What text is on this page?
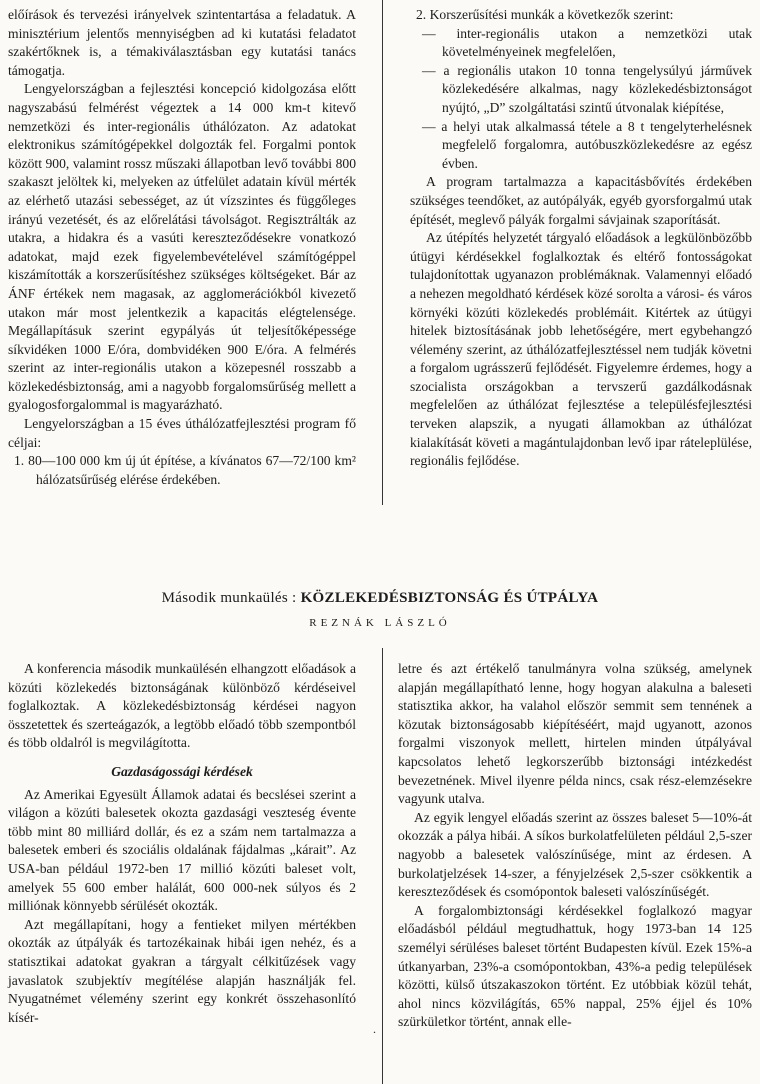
előírások és tervezési irányelvek szintentartása a feladatuk. A minisztérium jelentős mennyiségben ad ki kutatási feladatot szakértőknek is, a témakiválasztásban egy kutatási tanács támogatja.

Lengyelországban a fejlesztési koncepció kidolgozása előtt nagyszabású felmérést végeztek a 14 000 km-t kitevő nemzetközi és inter-regionális úthálózaton. Az adatokat elektronikus számítógépekkel dolgozták fel. Forgalmi pontok között 900, valamint rossz műszaki állapotban levő további 800 szakaszt jelöltek ki, melyeken az útfelület adatain kívül mérték az elérhető utazási sebességet, az út vízszintes és függőleges irányú vezetését, és az előrelátási távolságot. Regisztrálták az utakra, a hidakra és a vasúti kereszteződésekre vonatkozó adatokat, majd ezek figyelembevételével számítógéppel kiszámították a korszerűsítéshez szükséges költségeket. Bár az ÁNF értékek nem magasak, az agglomerációkból kivezető utakon már most jelentkezik a kapacitás elégtelensége. Megállapításuk szerint egypályás út teljesítőképessége síkvidéken 1000 E/óra, dombvidéken 900 E/óra. A felmérés szerint az inter-regionális utakon a közepesnél rosszabb a közlekedésbiztonság, ami a nagyobb forgalomsűrűség mellett a gyalogosforgalommal is magyarázható.

Lengyelországban a 15 éves úthálózatfejlesztési program fő céljai:

1. 80—100 000 km új út építése, a kívánatos 67—72/100 km² hálózatsűrűség elérése érdekében.

2. Korszerűsítési munkák a következők szerint:

— inter-regionális utakon a nemzetközi utak követelményeinek megfelelően,

— a regionális utakon 10 tonna tengelysúlyú járművek közlekedésére alkalmas, nagy közlekedésbiztonságot nyújtó, „D” szolgáltatási szintű útvonalak kiépítése,

— a helyi utak alkalmassá tétele a 8 t tengelyterhelésnek megfelelő forgalomra, autóbuszközlekedésre az egész évben.

A program tartalmazza a kapacitásbővítés érdekében szükséges teendőket, az autópályák, egyéb gyorsforgalmú utak építését, meglevő pályák forgalmi sávjainak szaporítását.

Az útépítés helyzetét tárgyaló előadások a legkülönbözőbb útügyi kérdésekkel foglalkoztak és eltérő fontosságokat tulajdonítottak ugyanazon problémáknak. Valamennyi előadó a nehezen megoldható kérdések közé sorolta a városi- és város környéki közúti közlekedés problémáit. Kitértek az útügyi hitelek biztosításának jobb lehetőségére, mert egybehangzó vélemény szerint, az úthálózatfejlesztéssel nem tudják követni a forgalom ugrásszerű fejlődését. Figyelemre érdemes, hogy a szocialista országokban a tervszerű gazdálkodásnak megfelelően az úthálózat fejlesztése a településfejlesztési terveken alapszik, a nyugati államokban az úthálózat kialakítását követi a magántulajdonban levő ipar ráteleplülése, regionális fejlődése.

Második munkaülés : KÖZLEKEDÉSBIZTONSÁG ÉS ÚTPÁLYA
REZNÁK LÁSZLÓ

A konferencia második munkaülésén elhangzott előadások a közúti közlekedés biztonságának különböző kérdéseivel foglalkoztak. A közlekedésbiztonság kérdései nagyon összetettek és szerteágazók, a legtöbb előadó több szempontból és több oldalról is megvilágította.

Gazdaságossági kérdések

Az Amerikai Egyesült Államok adatai és becslései szerint a világon a közúti balesetek okozta gazdasági veszteség évente több mint 80 milliárd dollár, és ez a szám nem tartalmazza a balesetek emberi és szociális oldalának fájdalmas „kárait”. Az USA-ban például 1972-ben 17 millió közúti baleset volt, amelyek 55 600 ember halálát, 600 000-nek súlyos és 2 milliónak könnyebb sérülését okozták.

Azt megállapítani, hogy a fentieket milyen mértékben okozták az útpályák és tartozékainak hibái igen nehéz, és a statisztikai adatokat gyakran a tárgyalt célkitűzések vagy javaslatok szubjektív megítélése alapján használják fel. Nyugatnémet vélemény szerint egy konkrét összehasonlító kísér-

letre és azt értékelő tanulmányra volna szükség, amelynek alapján megállapítható lenne, hogy hogyan alakulna a baleseti statisztika akkor, ha valahol először semmit sem tennének a közutak biztonságosabb kiépítéséért, majd ugyanott, azonos forgalmi viszonyok mellett, hirtelen minden útpályával kapcsolatos lehető legkorszerűbb biztonsági intézkedést bevezetnének. Mivel ilyenre példa nincs, csak rész-elemzésekre vagyunk utalva.

Az egyik lengyel előadás szerint az összes baleset 5—10%-át okozzák a pálya hibái. A síkos burkolatfelületen például 2,5-szer nagyobb a balesetek valószínűsége, mint az érdesen. A burkolatjelzések 14-szer, a fényjelzések 2,5-szer csökkentik a kereszteződések és csomópontok baleseti valószínűségét.

A forgalombiztonsági kérdésekkel foglalkozó magyar előadásból például megtudhattuk, hogy 1973-ban 14 125 személyi sérüléses baleset történt Budapesten kívül. Ezek 15%-a útkanyarban, 23%-a csomópontokban, 43%-a pedig települések közötti, külső útszakaszokon történt. Ez utóbbiak közül tehát, ahol nincs közvilágítás, 65% nappal, 25% éjjel és 10% szürkületkor történt, annak elle-

.
